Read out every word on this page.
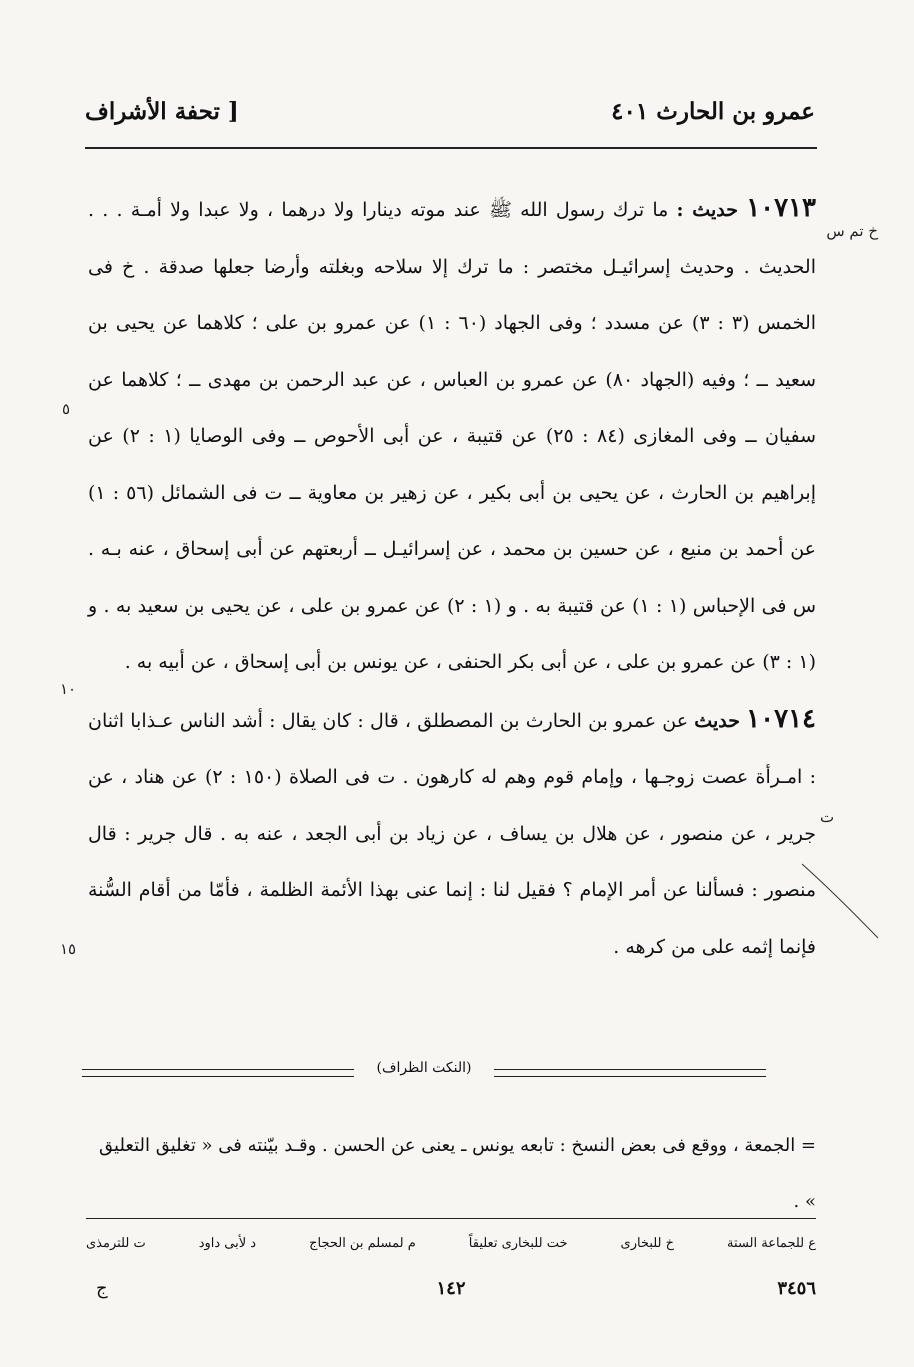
عمرو بن الحارث ٤٠١
[ تحفة الأشراف

١٠٧١٣ حديث : ما ترك رسول الله ﷺ عند موته دينارا ولا درهما ، ولا عبدا ولا أمـة . . . الحديث . وحديث إسرائيـل مختصر : ما ترك إلا سلاحه وبغلته وأرضا جعلها صدقة . خ فى الخمس (٣ : ٣) عن مسدد ؛ وفى الجهاد (٦٠ : ١) عن عمرو بن على ؛ كلاهما عن يحيى بن سعيد ــ ؛ وفيه (الجهاد ٨٠) عن عمرو بن العباس ، عن عبد الرحمن بن مهدى ــ ؛ كلاهما عن سفيان ــ وفى المغازى (٨٤ : ٢٥) عن قتيبة ، عن أبى الأحوص ــ وفى الوصايا (١ : ٢) عن إبراهيم بن الحارث ، عن يحيى بن أبى بكير ، عن زهير بن معاوية ــ ت فى الشمائل (٥٦ : ١) عن أحمد بن منيع ، عن حسين بن محمد ، عن إسرائيـل ــ أربعتهم عن أبى إسحاق ، عنه بـه . س فى الإحباس (١ : ١) عن قتيبة به . و (١ : ٢) عن عمرو بن على ، عن يحيى بن سعيد به . و (١ : ٣) عن عمرو بن على ، عن أبى بكر الحنفى ، عن يونس بن أبى إسحاق ، عن أبيه به .

١٠٧١٤ حديث عن عمرو بن الحارث بن المصطلق ، قال : كان يقال : أشد الناس عـذابا اثنان : امـرأة عصت زوجـها ، وإمام قوم وهم له كارهون . ت فى الصلاة (١٥٠ : ٢) عن هناد ، عن جرير ، عن منصور ، عن هلال بن يساف ، عن زياد بن أبى الجعد ، عنه به . قال جرير : قال منصور : فسألنا عن أمر الإمام ؟ فقيل لنا : إنما عنى بهذا الأئمة الظلمة ، فأمّا من أقام السُّنة فإنما إثمه على من كرهه .

خ تم س
٥
١٠
ت
١٥
(النكت الظراف)

= الجمعة ، ووقع فى بعض النسخ : تابعه يونس ـ يعنى عن الحسن . وقـد بيّنته فى « تغليق التعليق » .

ع للجماعة الستة
خ للبخارى
خت للبخارى تعليقاً
م لمسلم بن الحجاج
د لأبى داود
ت للترمذى
٣٤٥٦
١٤٢
ج
